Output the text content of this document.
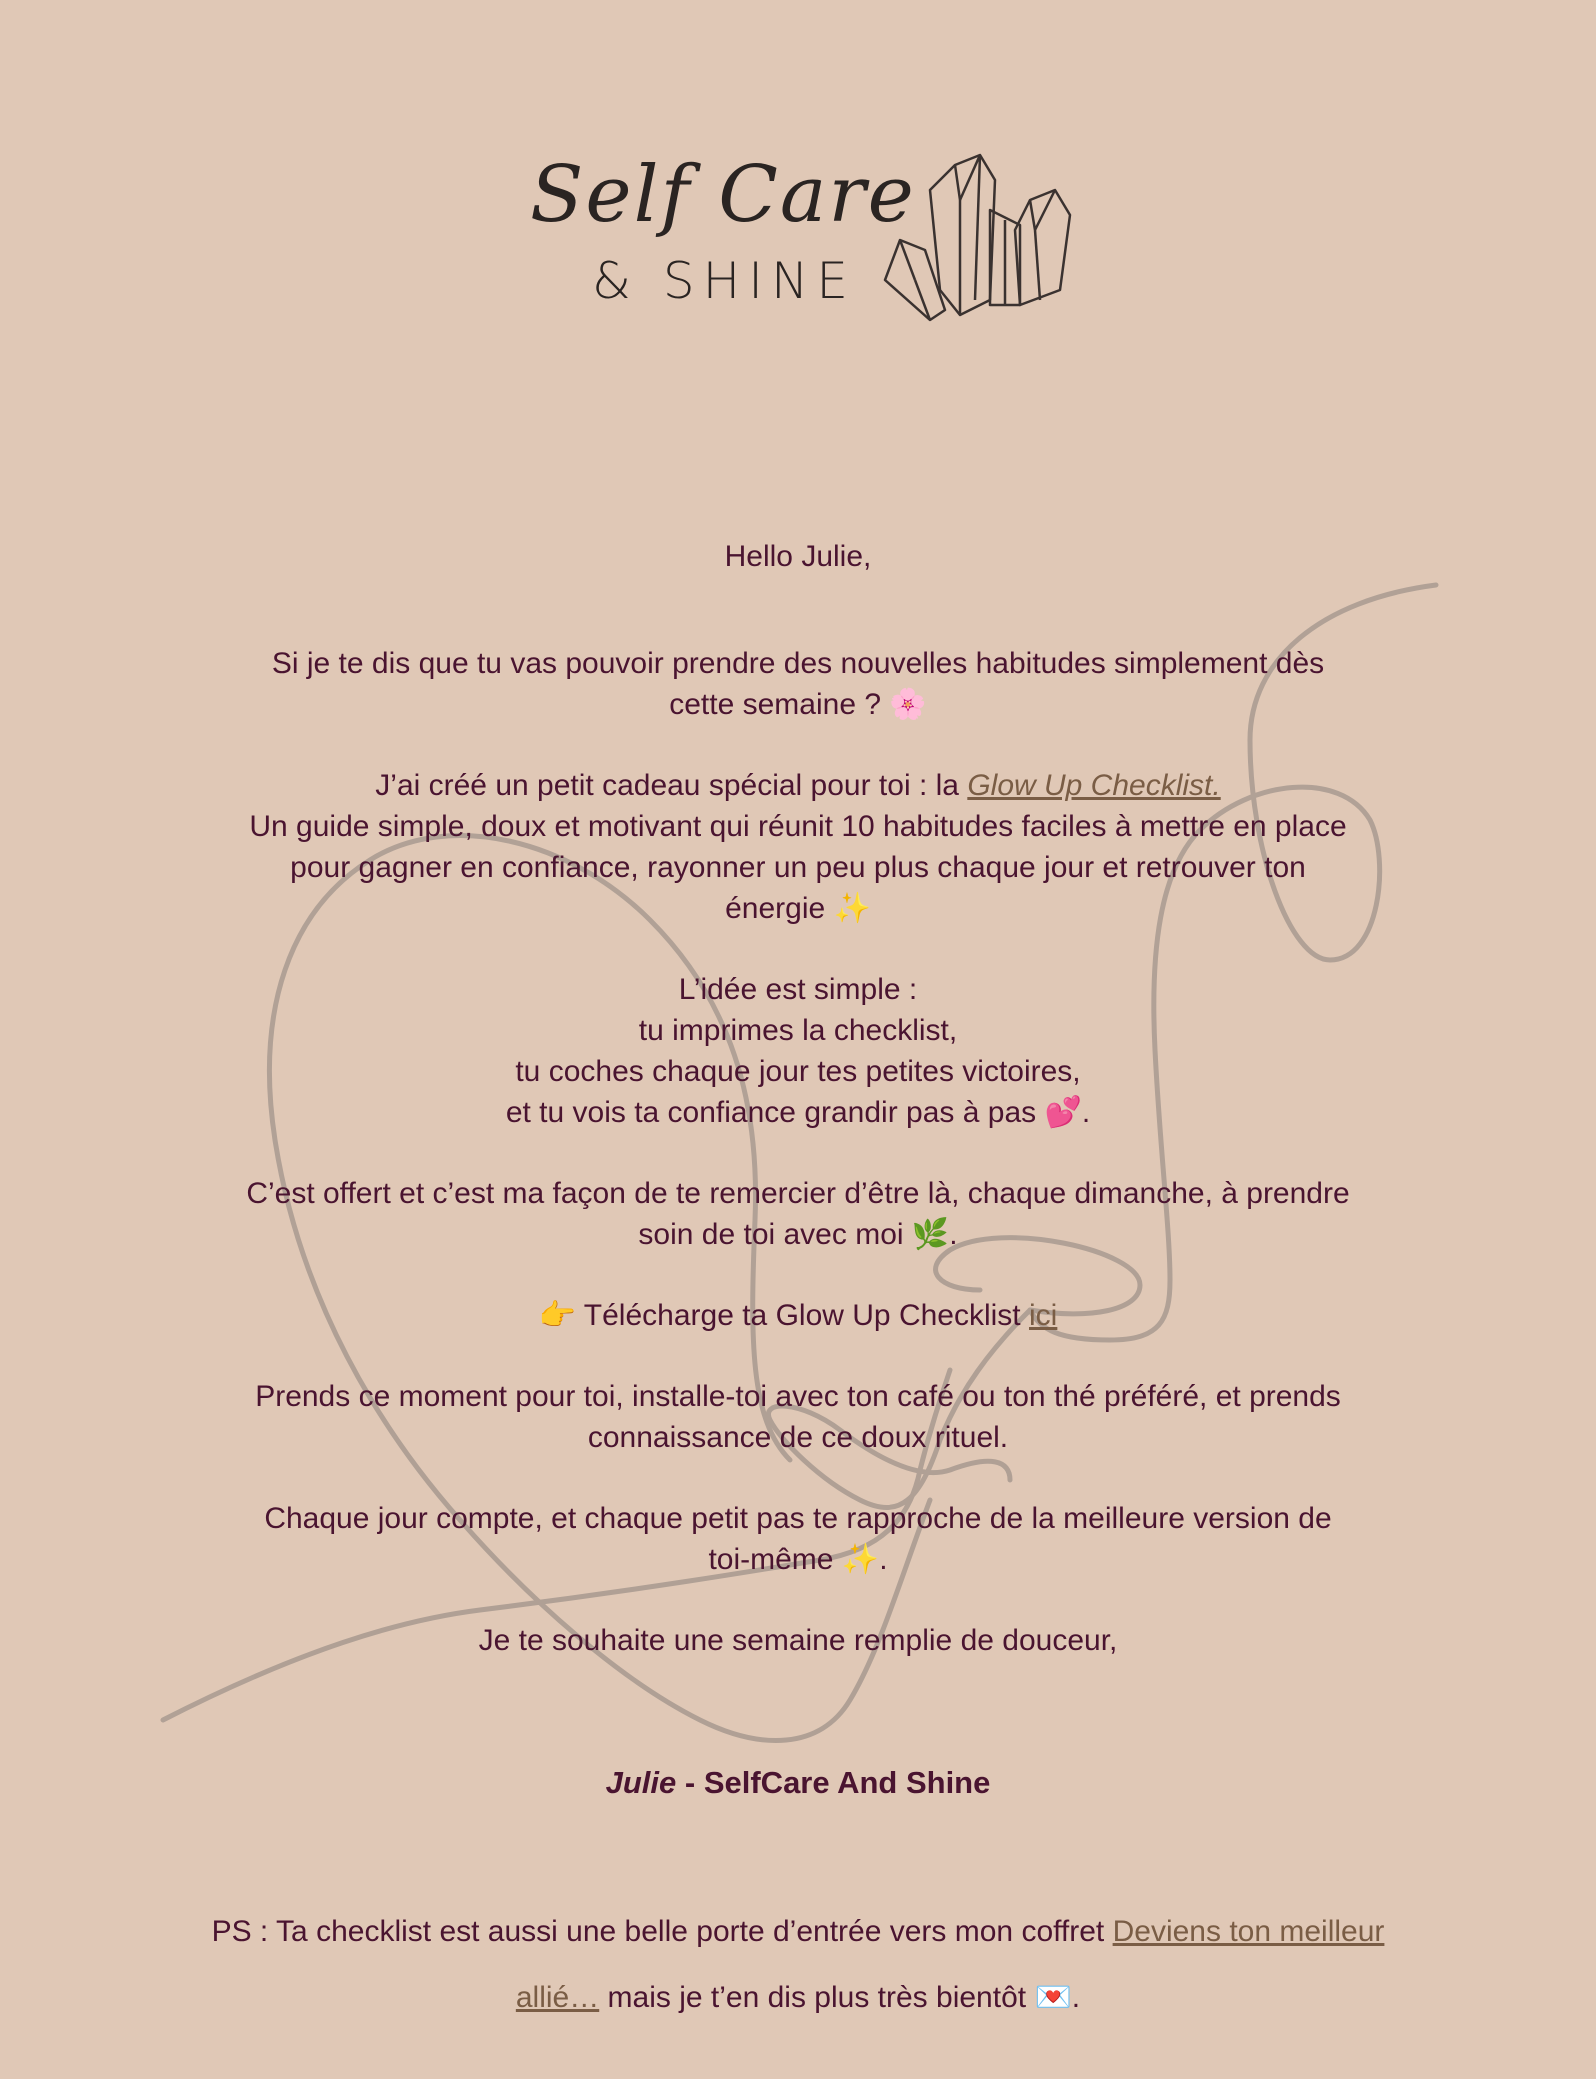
Self Care
& SHINE

Hello Julie,

Si je te dis que tu vas pouvoir prendre des nouvelles habitudes simplement dès
cette semaine ? 🌸

J’ai créé un petit cadeau spécial pour toi : la Glow Up Checklist.
Un guide simple, doux et motivant qui réunit 10 habitudes faciles à mettre en place
pour gagner en confiance, rayonner un peu plus chaque jour et retrouver ton
énergie ✨

L’idée est simple :
tu imprimes la checklist,
tu coches chaque jour tes petites victoires,
et tu vois ta confiance grandir pas à pas 💕.

C’est offert et c’est ma façon de te remercier d’être là, chaque dimanche, à prendre
soin de toi avec moi 🌿.

👉 Télécharge ta Glow Up Checklist ici

Prends ce moment pour toi, installe-toi avec ton café ou ton thé préféré, et prends
connaissance de ce doux rituel.

Chaque jour compte, et chaque petit pas te rapproche de la meilleure version de
toi-même ✨.

Je te souhaite une semaine remplie de douceur,

Julie - SelfCare And Shine

PS : Ta checklist est aussi une belle porte d’entrée vers mon coffret Deviens ton meilleur allié… mais je t’en dis plus très bientôt 💌.
